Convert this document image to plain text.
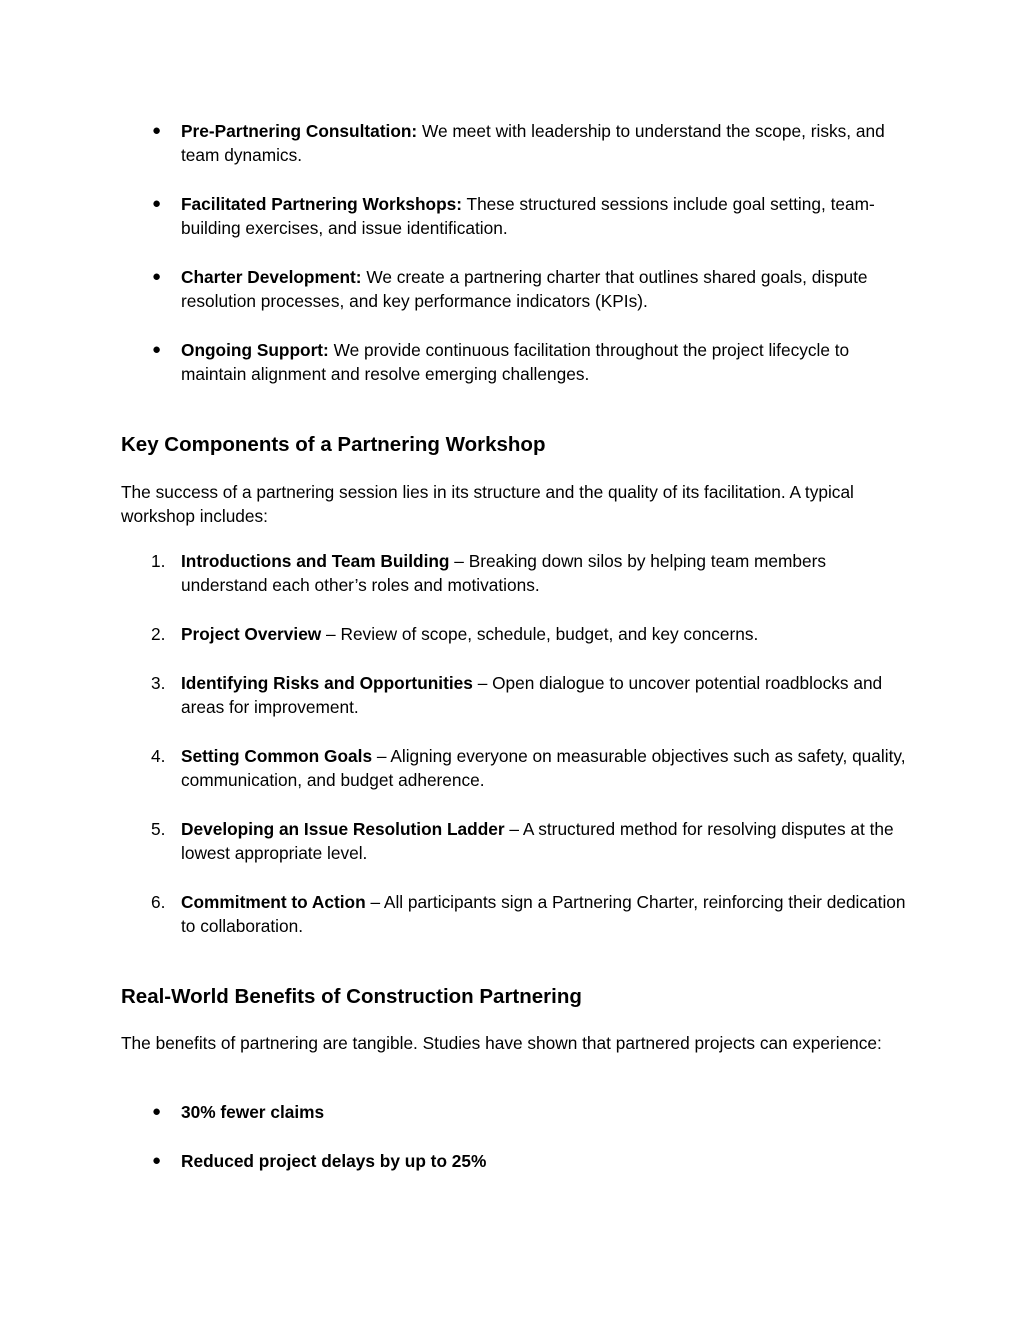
● Pre-Partnering Consultation: We meet with leadership to understand the scope, risks, and team dynamics.
● Facilitated Partnering Workshops: These structured sessions include goal setting, team-building exercises, and issue identification.
● Charter Development: We create a partnering charter that outlines shared goals, dispute resolution processes, and key performance indicators (KPIs).
● Ongoing Support: We provide continuous facilitation throughout the project lifecycle to maintain alignment and resolve emerging challenges.
Key Components of a Partnering Workshop

The success of a partnering session lies in its structure and the quality of its facilitation. A typical workshop includes:

1. Introductions and Team Building – Breaking down silos by helping team members understand each other’s roles and motivations.
2. Project Overview – Review of scope, schedule, budget, and key concerns.
3. Identifying Risks and Opportunities – Open dialogue to uncover potential roadblocks and areas for improvement.
4. Setting Common Goals – Aligning everyone on measurable objectives such as safety, quality, communication, and budget adherence.
5. Developing an Issue Resolution Ladder – A structured method for resolving disputes at the lowest appropriate level.
6. Commitment to Action – All participants sign a Partnering Charter, reinforcing their dedication to collaboration.
Real-World Benefits of Construction Partnering

The benefits of partnering are tangible. Studies have shown that partnered projects can experience:

● 30% fewer claims
● Reduced project delays by up to 25%
